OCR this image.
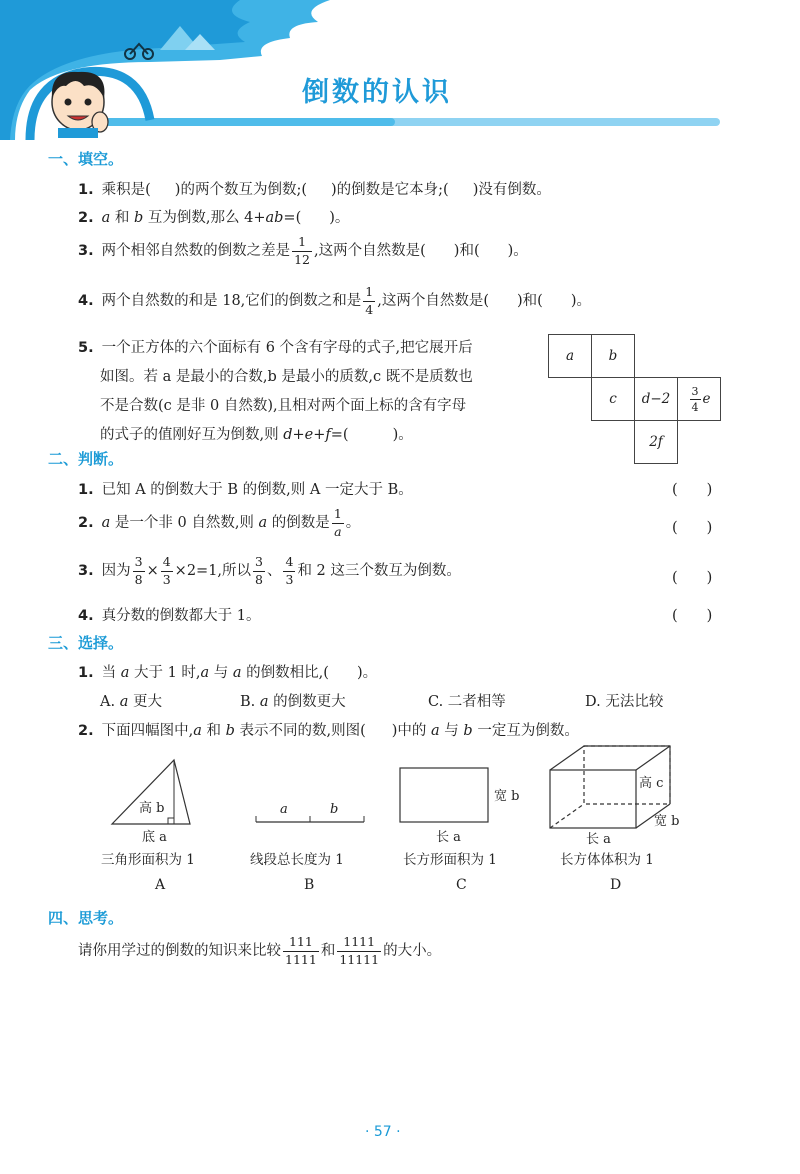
倒数的认识
一、填空。
1. 乘积是( )的两个数互为倒数;( )的倒数是它本身;( )没有倒数。
2. a 和 b 互为倒数,那么 4+ab=( )。
3. 两个相邻自然数的倒数之差是 $\frac{1}{12}$ ,这两个自然数是( )和( )。
4. 两个自然数的和是 18,它们的倒数之和是 $\frac{1}{4}$ ,这两个自然数是( )和( )。
5. 一个正方体的六个面标有 6 个含有字母的式子,把它展开后
如图。若 a 是最小的合数,b 是最小的质数,c 既不是质数也
不是合数(c 是非 0 自然数),且相对两个面上标的含有字母
的式子的值刚好互为倒数,则 d+e+f=(	)。
a	b
c	d−2	$\frac{3}{4}$ e
2f
二、判断。
1. 已知 A 的倒数大于 B 的倒数,则 A 一定大于 B。	(　　)
2. a 是一个非 0 自然数,则 a 的倒数是 $\frac{1}{a}$ 。	(　　)
3. 因为 $\frac{3}{8} \times \frac{4}{3} \times 2=1$,所以 $\frac{3}{8}$ 、 $\frac{4}{3}$ 和 2 这三个数互为倒数。	(　　)
4. 真分数的倒数都大于 1。	(　　)
三、选择。
1. 当 a 大于 1 时,a 与 a 的倒数相比,( )。
A. a 更大	B. a 的倒数更大	C. 二者相等	D. 无法比较
2. 下面四幅图中,a 和 b 表示不同的数,则图( )中的 a 与 b 一定互为倒数。
高 b
底 a
a	b
宽 b
长 a
高 c
长 a
宽 b
三角形面积为 1	线段总长度为 1	长方形面积为 1	长方体体积为 1
A	B	C	D
四、思考。
请你用学过的倒数的知识来比较 $\frac{111}{1111}$ 和 $\frac{1111}{11111}$ 的大小。
· 57 ·
